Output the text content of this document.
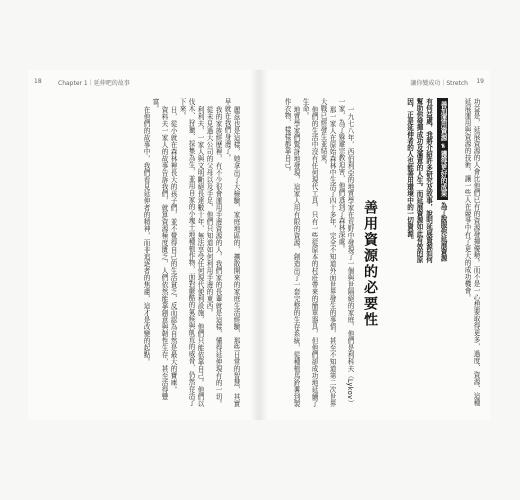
18	Chapter 1｜延伸吧的故事

麗茲也是這樣，她拿出了大檢驗，家庭地區的，擴散開來的家庭生活經驗，那些日常的智慧，其實早就在我們身邊了。

我的家族經歷裡，有不少很會運用手邊資源的人，我們家的長輩就是這樣，懂得延伸現有的一切。

從未見過大公司的父母以及手足，他們只知道如何利用手邊的東西。

利利夫，一家人與文明斷絕長達數十年，無法享受任何現代便利設施，他們只能依靠自己。他們以伐木、狩獵、採集為生，並用自家的小塊土地種植作物，面對嚴酷的氣候與飢荒的威脅，仍然存活了下來。

日，從小就在森林裡長大的孩子們，並不覺得自己的生活貧乏，反而認為自然是最大的寶庫。

資料夫一家人的故事告訴我們，就算資源極度匱乏，人們依然能靠創意與韌性生存，甚至活得豐富。

在他們的故事中，我們看見延伸者的精神，而非追逐者的焦慮，這才是改變的起點。

讓你變成功｜Stretch 19

功益是，延展資源的人會比他們已有的資源發揮優勢。而不是一心想要取得更多，過度、資源、這種延展運用與資源的技術，讓一些人在競爭中有了更大的成功機會。

善加運用資源 ≠ 獲得更好的成果 為了說服你延展資源有何益處，我將介紹許多研究及故事，說明延展資源如何幫助你發揮成功及滿意的人生。而延展資源如此有效的原因，正是延伸者的人也能善用環境中的一切資源。
善用資源的必要性

一九七八年，西伯利亞的地質學家在荒野中發現了一個與世隔絕的家庭，他們是利科夫（Lykov）一家，為了躲避宗教迫害，他們逃到了森林深處。

那一家人在原始森林中生活了四十多年，完全不知道外面世界發生的事情，甚至不知道第二次世界大戰已經發生並結束。

他們的生活中沒有任何現代工具，只有一些從原本的村莊帶來的簡單器具，但他們卻成功地延續了生命。

地質學家們驚訝地發現，這家人用有限的資源，創造出了一套完整的生存系統，從種植馬鈴薯到製作衣物，樣樣都靠自己。
